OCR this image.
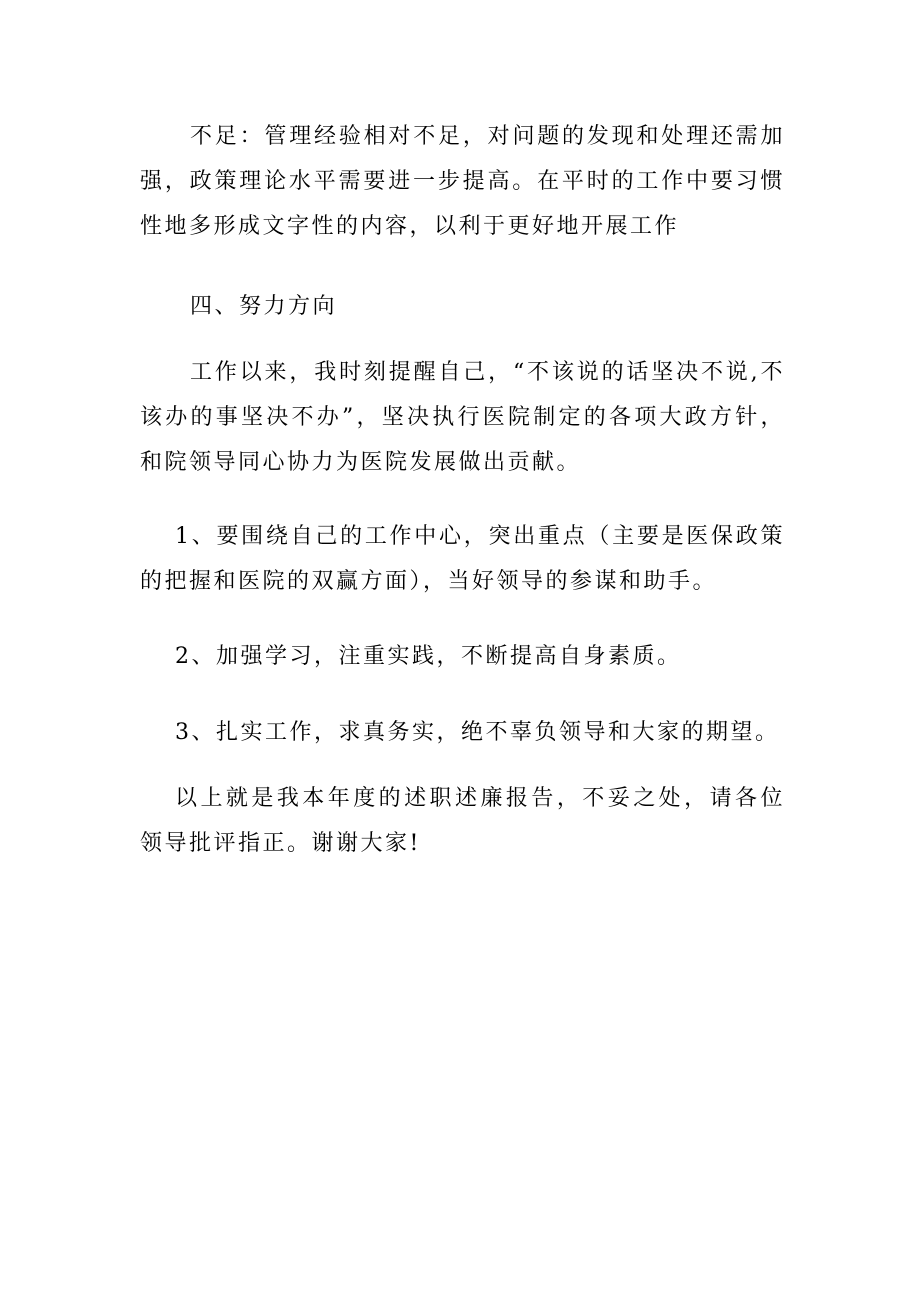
不足：管理经验相对不足，对问题的发现和处理还需加强，政策理论水平需要进一步提高。在平时的工作中要习惯性地多形成文字性的内容，以利于更好地开展工作

四、努力方向

工作以来，我时刻提醒自己，“不该说的话坚决不说,不该办的事坚决不办”，坚决执行医院制定的各项大政方针，和院领导同心协力为医院发展做出贡献。

1、要围绕自己的工作中心，突出重点（主要是医保政策的把握和医院的双赢方面），当好领导的参谋和助手。

2、加强学习，注重实践，不断提高自身素质。

3、扎实工作，求真务实，绝不辜负领导和大家的期望。

以上就是我本年度的述职述廉报告，不妥之处，请各位领导批评指正。谢谢大家!
